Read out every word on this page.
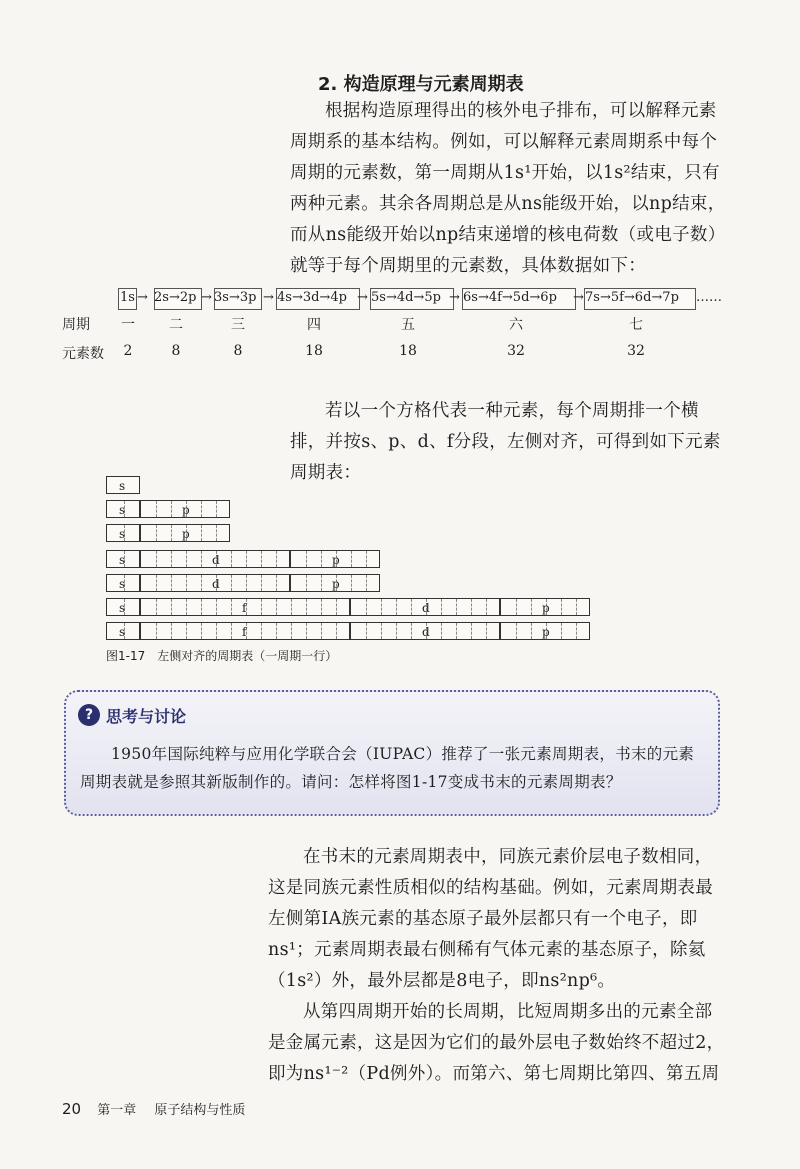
2. 构造原理与元素周期表

根据构造原理得出的核外电子排布，可以解释元素周期系的基本结构。例如，可以解释元素周期系中每个周期的元素数，第一周期从1s¹开始，以1s²结束，只有两种元素。其余各周期总是从ns能级开始，以np结束，而从ns能级开始以np结束递增的核电荷数（或电子数）就等于每个周期里的元素数，具体数据如下：

1s 2s→2p 3s→3p 4s→3d→4p 5s→4d→5p 6s→4f→5d→6p 7s→5f→6d→7p ……
→	→	→	→	→	→
周期	一	二	三	四	五	六	七
元素数	2	8	8	18	18	32	32

若以一个方格代表一种元素，每个周期排一个横排，并按s、p、d、f分段，左侧对齐，可得到如下元素周期表：

s
s	p
s	p
s	d	p
s	d	p
s	f	d	p
s	f	d	p
图1-17　左侧对齐的周期表（一周期一行）
? 思考与讨论

1950年国际纯粹与应用化学联合会（IUPAC）推荐了一张元素周期表，书末的元素周期表就是参照其新版制作的。请问：怎样将图1-17变成书末的元素周期表？

在书末的元素周期表中，同族元素价层电子数相同，这是同族元素性质相似的结构基础。例如，元素周期表最左侧第ⅠA族元素的基态原子最外层都只有一个电子，即ns¹；元素周期表最右侧稀有气体元素的基态原子，除氦（1s²）外，最外层都是8电子，即ns²np⁶。

从第四周期开始的长周期，比短周期多出的元素全部是金属元素，这是因为它们的最外层电子数始终不超过2，即为ns¹⁻²（Pd例外）。而第六、第七周期比第四、第五周

20 第一章 原子结构与性质
